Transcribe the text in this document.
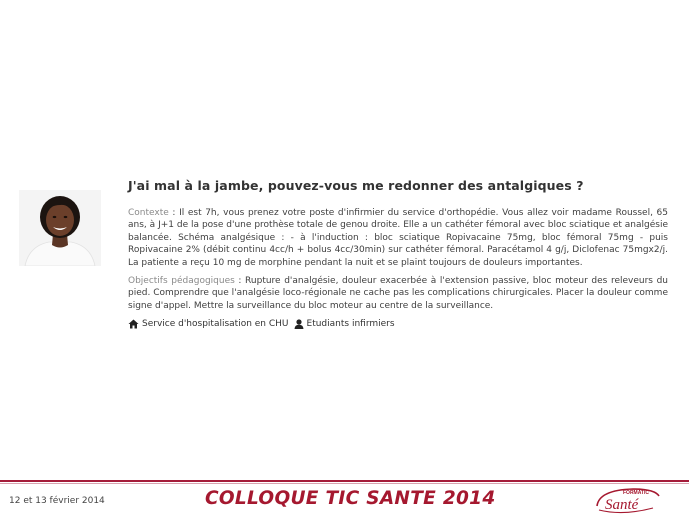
J'ai mal à la jambe, pouvez-vous me redonner des antalgiques ?

Contexte : Il est 7h, vous prenez votre poste d'infirmier du service d'orthopédie. Vous allez voir madame Roussel, 65 ans, à J+1 de la pose d'une prothèse totale de genou droite. Elle a un cathéter fémoral avec bloc sciatique et analgésie balancée. Schéma analgésique : - à l'induction : bloc sciatique Ropivacaine 75mg, bloc fémoral 75mg - puis Ropivacaine 2% (débit continu 4cc/h + bolus 4cc/30min) sur cathéter fémoral. Paracétamol 4 g/j, Diclofenac 75mgx2/j. La patiente a reçu 10 mg de morphine pendant la nuit et se plaint toujours de douleurs importantes.

Objectifs pédagogiques : Rupture d'analgésie, douleur exacerbée à l'extension passive, bloc moteur des releveurs du pied. Comprendre que l'analgésie loco-régionale ne cache pas les complications chirurgicales. Placer la douleur comme signe d'appel. Mettre la surveillance du bloc moteur au centre de la surveillance.

Service d'hospitalisation en CHU Etudiants infirmiers
12 et 13 février 2014	COLLOQUE TIC SANTE 2014	FORMATIC
Santé
